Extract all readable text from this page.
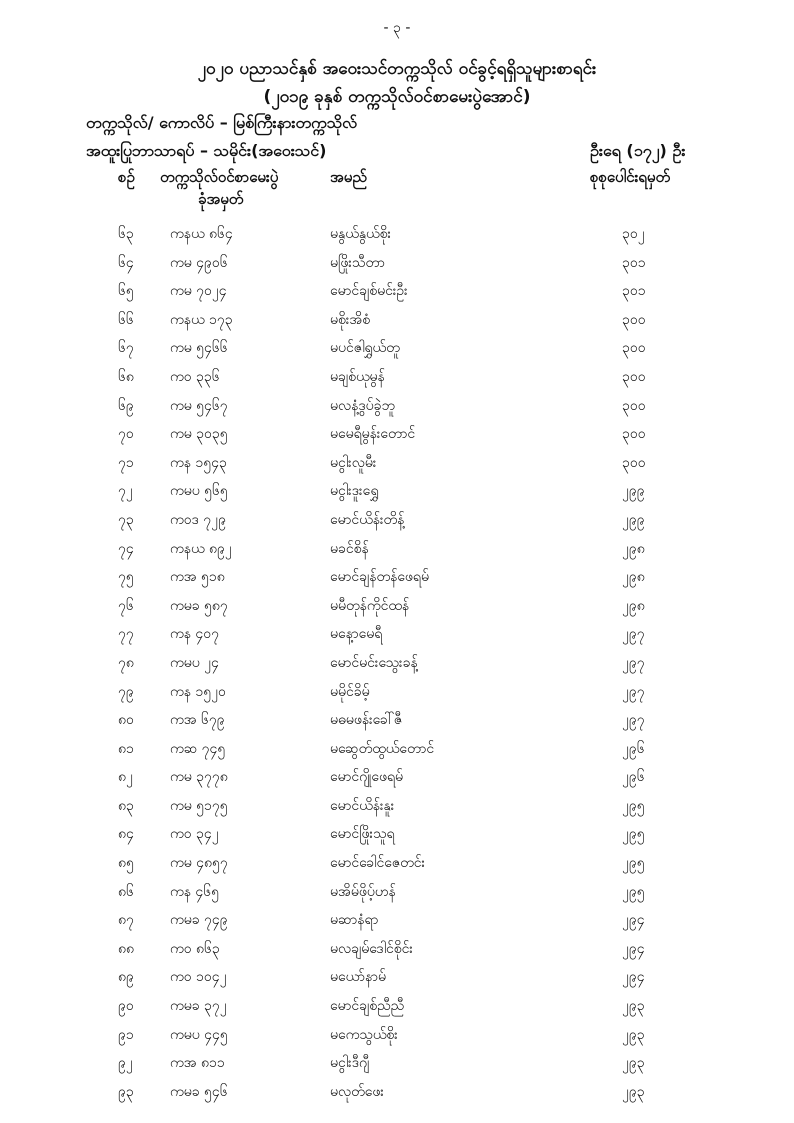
- ၃ -
၂၀၂၀ ပညာသင်နှစ် အဝေးသင်တက္ကသိုလ် ဝင်ခွင့်ရရှိသူများစာရင်း
(၂၀၁၉ ခုနှစ် တက္ကသိုလ်ဝင်စာမေးပွဲအောင်)
တက္ကသိုလ်/ ကောလိပ် – မြစ်ကြီးနားတက္ကသိုလ်
အထူးပြုဘာသာရပ် – သမိုင်း(အဝေးသင်)	ဦးရေ (၁၇၂) ဦး
စဉ် တက္ကသိုလ်ဝင်စာမေးပွဲ
ခုံအမှတ်
အမည်	စုစုပေါင်းရမှတ်
၆၃	ကနယ ၈၆၄	မနွယ်နွယ်စိုး	၃၀၂
၆၄	ကမ ၄၉၀၆	မဖြိုးသီတာ	၃၀၁
၆၅	ကမ ၇၀၂၄	မောင်ချစ်မင်းဦး	၃၀၁
၆၆	ကနယ ၁၇၃	မစိုးအိစံ	၃၀၀
၆၇	ကမ ၅၄၆၆	မပင်ဇါရွှယ်တူ	၃၀၀
၆၈	ကဝ ၃၃၆	မချစ်ယုမွန်	၃၀၀
၆၉	ကမ ၅၄၆၇	မလနံ့ဒွပ်ခွဲဘူ	၃၀၀
၇၀	ကမ ၃၀၃၅	မမေရီမွန်းတောင်	၃၀၀
၇၁	ကန ၁၅၄၃	မငွါးလူမီး	၃၀၀
၇၂	ကမပ ၅၆၅	မငွါးဒူးရွှေ	၂၉၉
၇၃	ကဝဒ ၇၂၉	မောင်ယိန်းတိန့်	၂၉၉
၇၄	ကနယ ၈၉၂	မခင်စိန်	၂၉၈
၇၅	ကအ ၅၁၈	မောင်ချန်တန်ဖေရမ်	၂၉၈
၇၆	ကမခ ၅၈၇	မမီတုန်ကိုင်ထန်	၂၉၈
၇၇	ကန ၄၀၇	မနေ့ာမေရီ	၂၉၇
၇၈	ကမပ ၂၄	မောင်မင်းသွေးခန့်	၂၉၇
၇၉	ကန ၁၅၂၀	မမိုင်ခိမ့်	၂၉၇
၈၀	ကအ ၆၇၉	မဓမဖန်းခေါ်ဇီ	၂၉၇
၈၁	ကဆ ၇၄၅	မဆွေတ်ထွယ်တောင်	၂၉၆
၈၂	ကမ ၃၇၇၈	မောင်ဂျိုဖေရမ်	၂၉၆
၈၃	ကမ ၅၁၇၅	မောင်ယိန်းနူး	၂၉၅
၈၄	ကဝ ၃၄၂	မောင်ဖြိုးသူရ	၂၉၅
၈၅	ကမ ၄၈၅၇	မောင်ခေါင်ဇေတင်း	၂၉၅
၈၆	ကန ၄၆၅	မအိမ်ဖိုပ့်ဟန်	၂၉၅
၈၇	ကမခ ၇၄၉	မဆာနံရာ	၂၉၄
၈၈	ကဝ ၈၆၃	မလချမ်ဒေါင်စိုင်း	၂၉၄
၈၉	ကဝ ၁၀၄၂	မယော်နာမ်	၂၉၄
၉၀	ကမခ ၃၇၂	မောင်ချစ်ညီညီ	၂၉၃
၉၁	ကမပ ၄၄၅	မကေသွယ်စိုး	၂၉၃
၉၂	ကအ ၈၁၁	မငွါးဒီဂျီ	၂၉၃
၉၃	ကမခ ၅၄၆	မလုတ်ဖေး	၂၉၃
